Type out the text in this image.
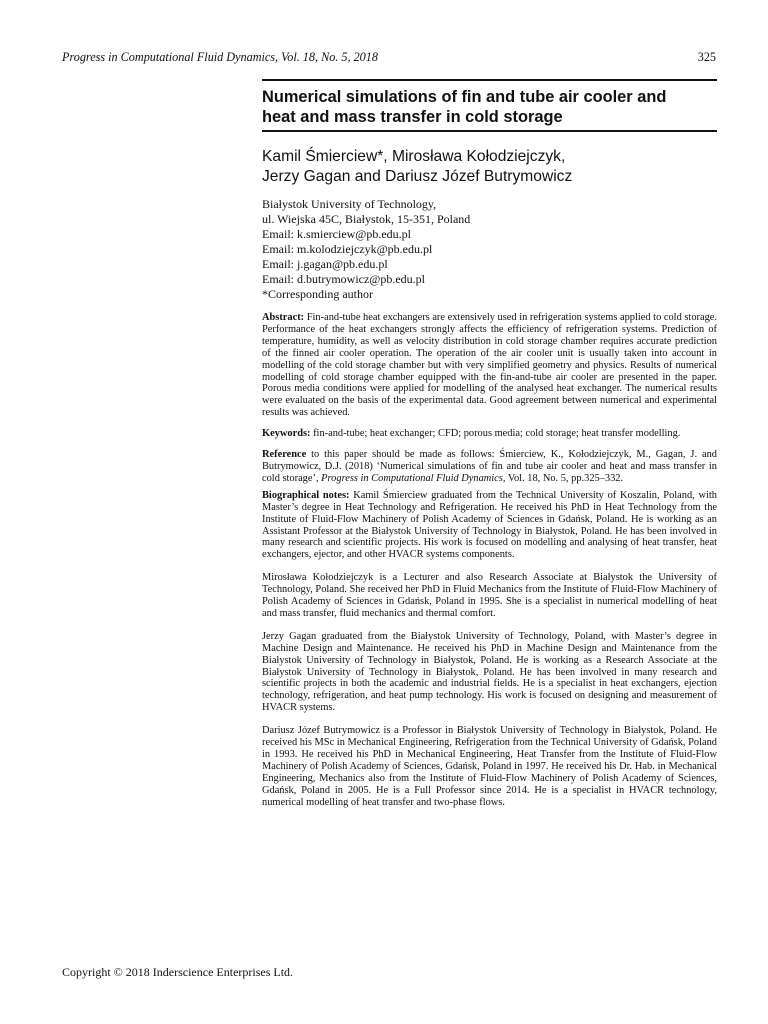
Progress in Computational Fluid Dynamics, Vol. 18, No. 5, 2018	325
Numerical simulations of fin and tube air cooler and
heat and mass transfer in cold storage
Kamil Śmierciew*, Mirosława Kołodziejczyk,
Jerzy Gagan and Dariusz Józef Butrymowicz
Białystok University of Technology,
ul. Wiejska 45C, Białystok, 15-351, Poland
Email: k.smierciew@pb.edu.pl
Email: m.kolodziejczyk@pb.edu.pl
Email: j.gagan@pb.edu.pl
Email: d.butrymowicz@pb.edu.pl
*Corresponding author

Abstract: Fin-and-tube heat exchangers are extensively used in refrigeration systems applied to cold storage. Performance of the heat exchangers strongly affects the efficiency of refrigeration systems. Prediction of temperature, humidity, as well as velocity distribution in cold storage chamber requires accurate prediction of the finned air cooler operation. The operation of the air cooler unit is usually taken into account in modelling of the cold storage chamber but with very simplified geometry and physics. Results of numerical modelling of cold storage chamber equipped with the fin-and-tube air cooler are presented in the paper. Porous media conditions were applied for modelling of the analysed heat exchanger. The numerical results were evaluated on the basis of the experimental data. Good agreement between numerical and experimental results was achieved.

Keywords: fin-and-tube; heat exchanger; CFD; porous media; cold storage; heat transfer modelling.

Reference to this paper should be made as follows: Śmierciew, K., Kołodziejczyk, M., Gagan, J. and Butrymowicz, D.J. (2018) ‘Numerical simulations of fin and tube air cooler and heat and mass transfer in cold storage’, Progress in Computational Fluid Dynamics, Vol. 18, No. 5, pp.325–332.

Biographical notes: Kamil Śmierciew graduated from the Technical University of Koszalin, Poland, with Master’s degree in Heat Technology and Refrigeration. He received his PhD in Heat Technology from the Institute of Fluid-Flow Machinery of Polish Academy of Sciences in Gdańsk, Poland. He is working as an Assistant Professor at the Białystok University of Technology in Białystok, Poland. He has been involved in many research and scientific projects. His work is focused on modelling and analysing of heat transfer, heat exchangers, ejector, and other HVACR systems components.

Mirosława Kołodziejczyk is a Lecturer and also Research Associate at Białystok the University of Technology, Poland. She received her PhD in Fluid Mechanics from the Institute of Fluid-Flow Machinery of Polish Academy of Sciences in Gdańsk, Poland in 1995. She is a specialist in numerical modelling of heat and mass transfer, fluid mechanics and thermal comfort.

Jerzy Gagan graduated from the Białystok University of Technology, Poland, with Master’s degree in Machine Design and Maintenance. He received his PhD in Machine Design and Maintenance from the Białystok University of Technology in Białystok, Poland. He is working as a Research Associate at the Białystok University of Technology in Białystok, Poland. He has been involved in many research and scientific projects in both the academic and industrial fields. He is a specialist in heat exchangers, ejection technology, refrigeration, and heat pump technology. His work is focused on designing and measurement of HVACR systems.

Dariusz Józef Butrymowicz is a Professor in Białystok University of Technology in Białystok, Poland. He received his MSc in Mechanical Engineering, Refrigeration from the Technical University of Gdańsk, Poland in 1993. He received his PhD in Mechanical Engineering, Heat Transfer from the Institute of Fluid-Flow Machinery of Polish Academy of Sciences, Gdańsk, Poland in 1997. He received his Dr. Hab. in Mechanical Engineering, Mechanics also from the Institute of Fluid-Flow Machinery of Polish Academy of Sciences, Gdańsk, Poland in 2005. He is a Full Professor since 2014. He is a specialist in HVACR technology, numerical modelling of heat transfer and two-phase flows.

Copyright © 2018 Inderscience Enterprises Ltd.
